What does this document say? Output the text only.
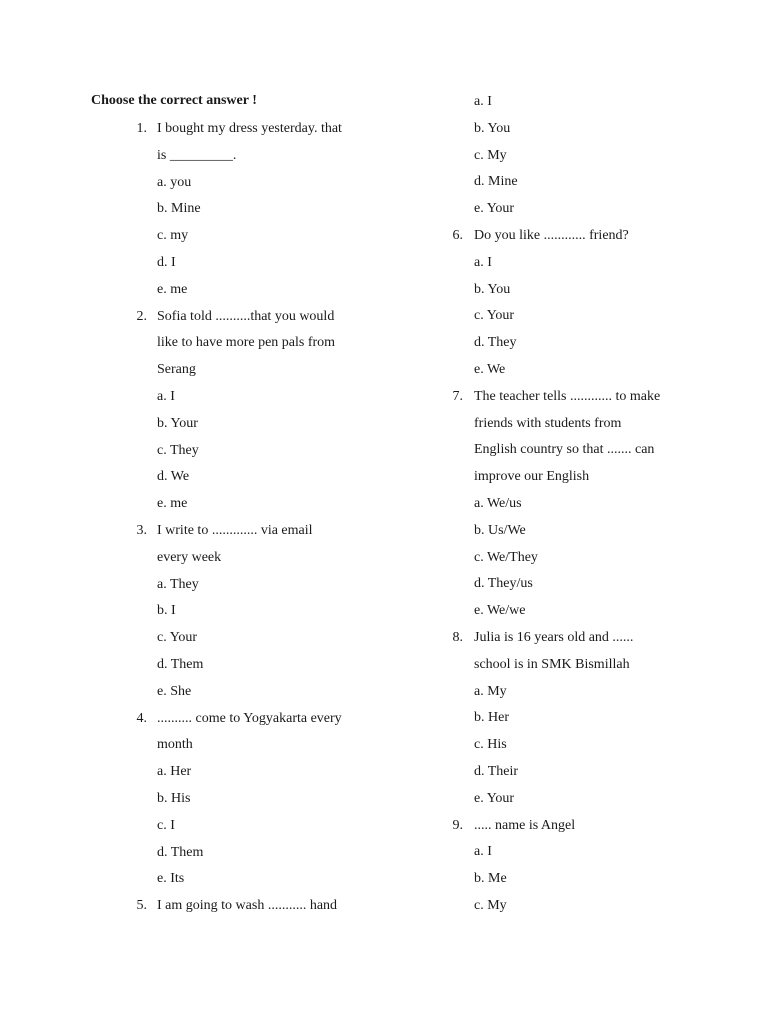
Choose the correct answer !
1. I bought my dress yesterday. that
is _________.
a. you
b. Mine
c. my
d. I
e. me
2. Sofia told ..........that you would
like to have more pen pals from
Serang
a. I
b. Your
c. They
d. We
e. me
3. I write to ............. via email
every week
a. They
b. I
c. Your
d. Them
e. She
4. .......... come to Yogyakarta every
month
a. Her
b. His
c. I
d. Them
e. Its
5. I am going to wash ........... hand
a. I
b. You
c. My
d. Mine
e. Your
6. Do you like ............ friend?
a. I
b. You
c. Your
d. They
e. We
7. The teacher tells ............ to make
friends with students from
English country so that ....... can
improve our English
a. We/us
b. Us/We
c. We/They
d. They/us
e. We/we
8. Julia is 16 years old and ......
school is in SMK Bismillah
a. My
b. Her
c. His
d. Their
e. Your
9. ..... name is Angel
a. I
b. Me
c. My
